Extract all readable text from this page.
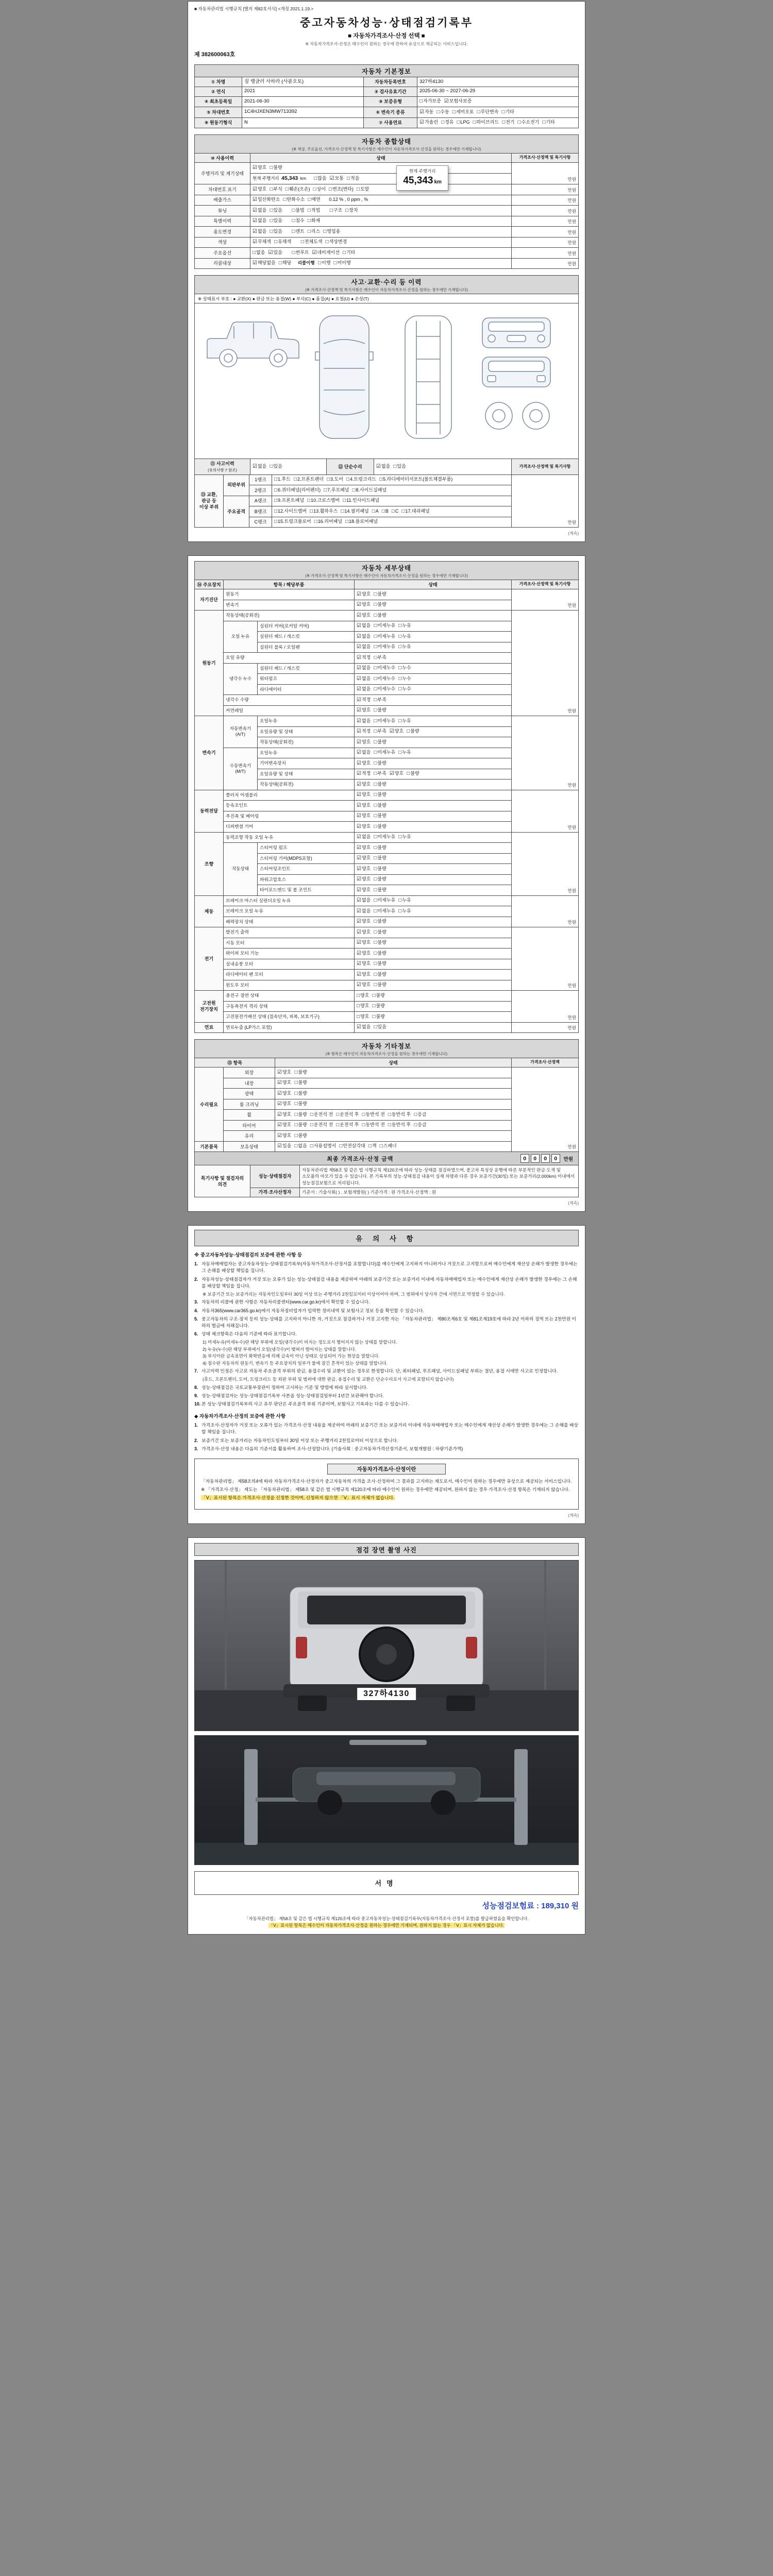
■ 자동차관리법 시행규칙 [별지 제82호서식] <개정 2021.1.19.>
중고자동차성능·상태점검기록부
■ 자동차가격조사·산정 선택 ■
※ 자동차가격조사·산정은 매수인이 원하는 경우에 한하여 유상으로 제공되는 서비스입니다.
제 382600063호
자동차 기본정보
① 차명	짚 랭글러 사하라 (사륜오토)	자동차등록번호	327하4130
② 연식	2021	③ 검사유효기간	2025-06-30 ~ 2027-06-29
④ 최초등록일	2021-06-30	⑨ 보증유형	□자가보증 ☑보험사보증
⑤ 차대번호	1C4HJXEN3MW713392	⑥ 변속기 종류	☑자동 □수동 □세미오토 □무단변속 □기타
⑧ 원동기형식	N	⑦ 사용연료	☑가솔린 □경유 □LPG □하이브리드 □전기 □수소전기 □기타
자동차 종합상태
(※ 색상, 주요옵션, 가격조사·산정액 및 특기사항은 매수인이 자동차가격조사·산정을 원하는 경우에만 기재합니다)
⑩ 사용이력	상태	가격조사·산정액 및 특기사항
주행거리 및 계기상태	☑양호 □불량	만원
	현재 주행거리 45,343 km □많음 ☑보통 □적음
현재 주행거리
45,343 km	

차대번호 표기	☑양호 □부식 □훼손(오손) □상이 □변조(변타) □도말	만원
배출가스	☑일산화탄소 □탄화수소 □매연 0.12 % , 0 ppm , %	만원
튜닝	☑없음 □있음 □불법 □적법 □구조 □장치	만원
특별이력	☑없음 □있음 □침수 □화재	만원
용도변경	☑없음 □있음 □렌트 □리스 □영업용	만원
색상	☑무채색 □유채색 □전체도색 □색상변경	만원
주요옵션	□없음 ☑있음 □썬루프 ☑네비게이션 □기타	만원
리콜대상	☑해당없음 □해당 리콜이행 □이행 □미이행	만원
사고·교환·수리 등 이력
(※ 가격조사·산정액 및 특기사항은 매수인이 자동차가격조사·산정을 원하는 경우에만 기재합니다)
※ 상태표시 부호 : ● 교환(X) ● 판금 또는 용접(W) ● 부식(C) ● 흠집(A) ● 요철(U) ● 손상(T)
⑪ 사고이력
(유의사항 7 참조)	☑없음 □있음	⑫ 단순수리	☑없음 □있음	가격조사·산정액 및 특기사항
⑬ 교환, 판금 등 이상 부위	외판부위	1랭크	□1.후드 □2.프론트펜더 □3.도어 □4.트렁크리드 □5.라디에이터서포트(볼트체결부품)	만원
		2랭크	□6.쿼터패널(리어펜더) □7.루프패널 □8.사이드실패널	
	주요골격	A랭크	□9.프론트패널 □10.크로스멤버 □11.인사이드패널	
		B랭크	□12.사이드멤버 □13.휠하우스 □14.필러패널 □A □B □C □17.대쉬패널	
		C랭크	□15.트렁크플로어 □16.리어패널 □18.플로어패널	
(계속)
자동차 세부상태
(※ 가격조사·산정액 및 특기사항은 매수인이 자동차가격조사·산정을 원하는 경우에만 기재합니다)
⑭ 주요장치	항목 / 해당부품		상태	가격조사·산정액 및 특기사항
자기진단	원동기		☑양호 □불량	만원
	변속기		☑양호 □불량	
원동기	작동상태(공회전)		☑양호 □불량	만원
	오일 누유	실린더 커버(로커암 커버)	☑없음 □미세누유 □누유	
		실린더 헤드 / 개스킷	☑없음 □미세누유 □누유	
		실린더 블록 / 오일팬	☑없음 □미세누유 □누유	
	오일 유량		☑적정 □부족	
	냉각수 누수	실린더 헤드 / 개스킷	☑없음 □미세누수 □누수	
		워터펌프	☑없음 □미세누수 □누수	
		라디에이터	☑없음 □미세누수 □누수	
	냉각수 수량		☑적정 □부족	
	커먼레일		☑양호 □불량	
변속기	자동변속기 (A/T)	오일누유	☑없음 □미세누유 □누유	만원
		오일유량 및 상태	☑적정 □부족 ☑양호 □불량	
		작동상태(공회전)	☑양호 □불량	
	수동변속기 (M/T)	오일누유	☑없음 □미세누유 □누유	
		기어변속장치	☑양호 □불량	
		오일유량 및 상태	☑적정 □부족 ☑양호 □불량	
		작동상태(공회전)	☑양호 □불량	
동력전달	클러치 어셈블리		☑양호 □불량	만원
	등속조인트		☑양호 □불량	
	추진축 및 베어링		☑양호 □불량	
	디퍼렌셜 기어		☑양호 □불량	
조향	동력조향 작동 오일 누유		☑없음 □미세누유 □누유	만원
	작동상태	스티어링 펌프	☑양호 □불량	
		스티어링 기어(MDPS포함)	☑양호 □불량	
		스티어링조인트	☑양호 □불량	
		파워고압호스	☑양호 □불량	
		타이로드엔드 및 볼 조인트	☑양호 □불량	
제동	브레이크 마스터 실린더오일 누유		☑없음 □미세누유 □누유	만원
	브레이크 오일 누유		☑없음 □미세누유 □누유	
	배력장치 상태		☑양호 □불량	
전기	발전기 출력		☑양호 □불량	만원
	시동 모터		☑양호 □불량	
	와이퍼 모터 기능		☑양호 □불량	
	실내송풍 모터		☑양호 □불량	
	라디에이터 팬 모터		☑양호 □불량	
	윈도우 모터		☑양호 □불량	
고전원 전기장치	충전구 절연 상태		□양호 □불량	만원
	구동축전지 격리 상태		□양호 □불량	
	고전원전기배선 상태 (접속단자, 피복, 보호기구)		□양호 □불량	
연료	연료누출 (LP가스 포함)		☑없음 □있음	만원
자동차 기타정보
(※ 항목은 매수인이 자동차가격조사·산정을 원하는 경우에만 기재합니다)
⑮ 항목		상태	가격조사·산정액
수리필요	외장	☑양호 □불량	만원
	내장	☑양호 □불량	
	광택	☑양호 □불량	
	룸 크리닝	☑양호 □불량	
	휠	☑양호 □불량 □운전석 전 □운전석 후 □동반석 전 □동반석 후 □응급	
	타이어	☑양호 □불량 □운전석 전 □운전석 후 □동반석 전 □동반석 후 □응급	
	유리	☑양호 □불량	
기본품목	보유상태	☑있음 □없음 □사용설명서 □안전삼각대 □잭 □스패너	
최종 가격조사·산정 금액	0	0	0	0	만원
특기사항 및 점검자의 의견	성능·상태점검자	자동차관리법 제58조 및 같은 법 시행규칙 제120조에 따라 성능·상태를 점검하였으며, 중고차 특성상 운행에 따른 부분적인 판금·도색 및 소모품의 마모가 있을 수 있습니다. 본 기록부의 성능·상태점검 내용이 실제 차량과 다른 경우 보증기간(30일) 또는 보증거리(2,000km) 이내에서 성능점검보험으로 처리됩니다.
	가격·조사산정자	기준서 : 기술사회( ) , 보험개발원( ) 기준가격 : 원 가격조사·산정액 : 원
(계속)
유 의 사 항
※ 중고자동차성능·상태점검의 보증에 관한 사항 등
1. 자동차매매업자는 중고자동차성능·상태점검기록부(자동차가격조사·산정서를 포함합니다)를 매수인에게 고지하지 아니하거나 거짓으로 고지함으로써 매수인에게 재산상 손해가 발생한 경우에는 그 손해를 배상할 책임을 집니다.
2. 자동차성능·상태점검자가 거짓 또는 오류가 있는 성능·상태점검 내용을 제공하여 아래의 보증기간 또는 보증거리 이내에 자동차매매업자 또는 매수인에게 재산상 손해가 발생한 경우에는 그 손해를 배상할 책임을 집니다.
※ 보증기간 또는 보증거리는 자동차인도일부터 30일 이상 또는 주행거리 2천킬로미터 이상이어야 하며, 그 범위에서 당사자 간에 서면으로 약정할 수 있습니다.
3. 자동차의 리콜에 관한 사항은 자동차리콜센터(www.car.go.kr)에서 확인할 수 있습니다.
4. 자동차365(www.car365.go.kr)에서 자동차정비업자가 입력한 정비내역 및 보험사고 정보 등을 확인할 수 있습니다.
5. 중고자동차의 구조·장치 등의 성능·상태를 고지하지 아니한 자, 거짓으로 점검하거나 거짓 고지한 자는 「자동차관리법」 제80조제6호 및 제81조제19호에 따라 2년 이하의 징역 또는 2천만원 이하의 벌금에 처해집니다.
6. 상태 체크항목은 다음의 기준에 따라 표기합니다.
1) 미세누유(미세누수)란 해당 부위에 오일(냉각수)이 비치는 정도로서 떨어지지 않는 상태를 말합니다.
2) 누유(누수)란 해당 부위에서 오일(냉각수)이 맺혀서 떨어지는 상태를 말합니다.
3) 부식이란 금속표면이 화학반응에 의해 금속이 아닌 상태로 상실되어 가는 현상을 말합니다.
4) 침수란 자동차의 원동기, 변속기 등 주요장치의 일부가 물에 잠긴 흔적이 있는 상태를 말합니다.
7. 사고이력 인정은 사고로 자동차 주요골격 부위의 판금, 용접수리 및 교환이 있는 경우로 한정합니다. 단, 쿼터패널, 루프패널, 사이드실패널 부위는 절단, 용접 시에만 사고로 인정합니다.
(후드, 프론트펜더, 도어, 트렁크리드 등 외판 부위 및 범퍼에 대한 판금, 용접수리 및 교환은 단순수리로서 사고에 포함되지 않습니다)
8. 성능·상태점검은 국토교통부장관이 정하여 고시하는 기준 및 방법에 따라 실시합니다.
9. 성능·상태점검자는 성능·상태점검기록부 사본을 성능·상태점검일부터 1년간 보관해야 합니다.
10. 본 성능·상태점검기록부의 사고 유무 판단은 주요골격 부위 기준이며, 보험사고 기록과는 다를 수 있습니다.
◆ 자동차가격조사·산정의 보증에 관한 사항
1. 가격조사·산정자가 거짓 또는 오류가 있는 가격조사·산정 내용을 제공하여 아래의 보증기간 또는 보증거리 이내에 자동차매매업자 또는 매수인에게 재산상 손해가 발생한 경우에는 그 손해를 배상할 책임을 집니다.
2. 보증기간 또는 보증거리는 자동차인도일부터 30일 이상 또는 주행거리 2천킬로미터 이상으로 합니다.
3. 가격조사·산정 내용은 다음의 기준서를 활용하여 조사·산정합니다. (기술사회 : 중고자동차가격산정기준서, 보험개발원 : 차량기준가액)
자동차가격조사·산정이란

「자동차관리법」 제58조의4에 따라 자동차가격조사·산정자가 중고자동차의 가격을 조사·산정하여 그 결과를 고지하는 제도로서, 매수인이 원하는 경우에만 유상으로 제공되는 서비스입니다.

※ 「가격조사·산정」 제도는 「자동차관리법」 제58조 및 같은 법 시행규칙 제120조에 따라 매수인이 원하는 경우에만 제공되며, 원하지 않는 경우 가격조사·산정 항목은 기재되지 않습니다.

「Ⅴ」표시된 항목은 가격조사·산정을 신청한 것이며, 신청하지 않으면 「Ⅴ」표시 자체가 없습니다.

(계속)
점검 장면 촬영 사진
327하4130
서명
성능점검보험료 : 189,310 원
「자동차관리법」 제58조 및 같은 법 시행규칙 제120조에 따라 중고자동차성능·상태점검기록부(자동차가격조사·산정서 포함)를 발급하였음을 확인합니다.
「Ⅴ」표시된 항목은 매수인이 자동차가격조사·산정을 원하는 경우에만 기재되며, 원하지 않는 경우 「Ⅴ」표시 자체가 없습니다.
